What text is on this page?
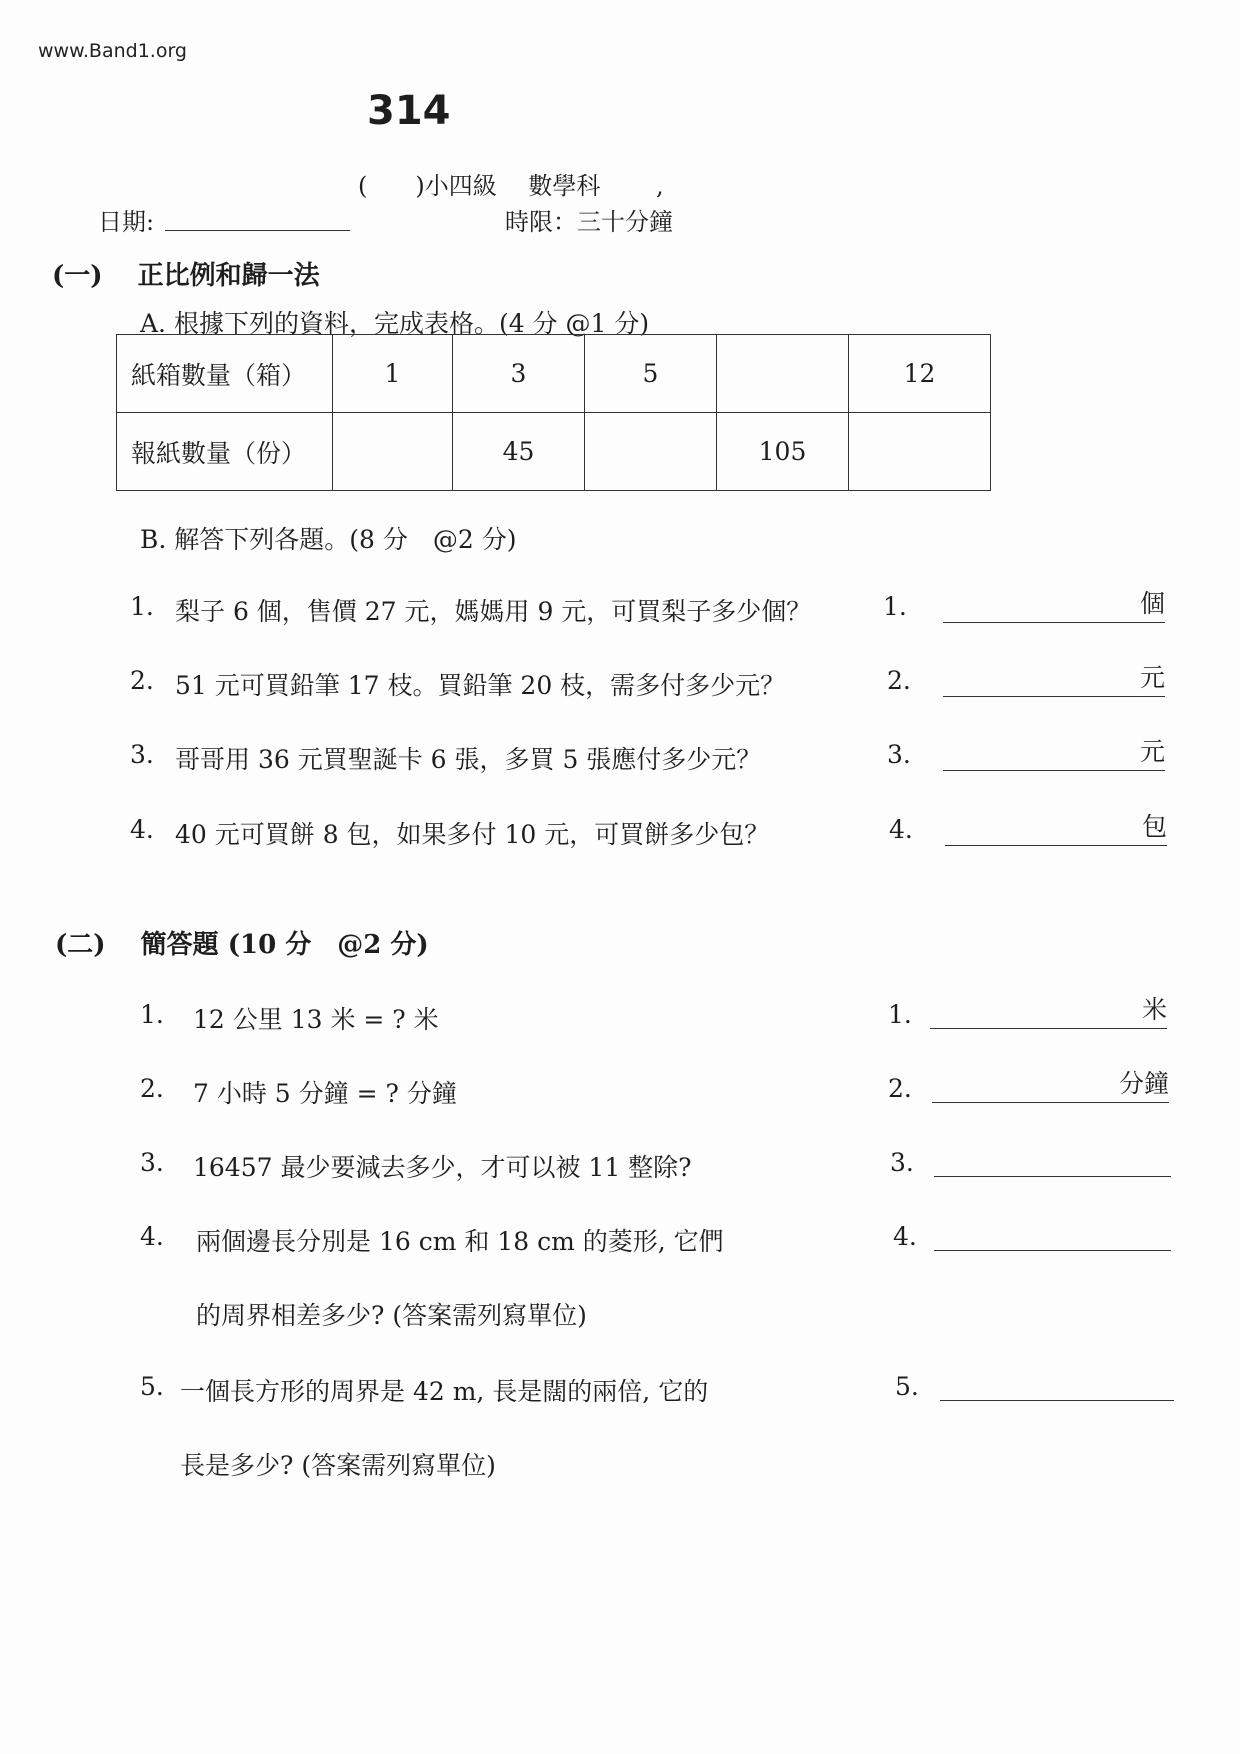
www.Band1.org
314
(　　)小四級　 數學科　　 ,
日期:	時限：三十分鐘
(一)　 正比例和歸一法
A. 根據下列的資料，完成表格。(4 分 @1 分)
紙箱數量（箱）	1	3	5		12
報紙數量（份）		45		105	
B. 解答下列各題。(8 分　@2 分)
1. 梨子 6 個，售價 27 元，媽媽用 9 元，可買梨子多少個？	1.	個
2. 51 元可買鉛筆 17 枝。買鉛筆 20 枝，需多付多少元？	2.	元
3. 哥哥用 36 元買聖誕卡 6 張，多買 5 張應付多少元？	3.	元
4. 40 元可買餅 8 包，如果多付 10 元，可買餅多少包？	4.	包
(二)　 簡答題 (10 分　@2 分)
1. 12 公里 13 米 = ? 米	1.	米
2. 7 小時 5 分鐘 = ? 分鐘	2.	分鐘
3. 16457 最少要減去多少，才可以被 11 整除?	3.
4. 兩個邊長分別是 16 cm 和 18 cm 的菱形, 它們
的周界相差多少? (答案需列寫單位)
4.
5. 一個長方形的周界是 42 m, 長是闊的兩倍, 它的
長是多少? (答案需列寫單位)
5.
